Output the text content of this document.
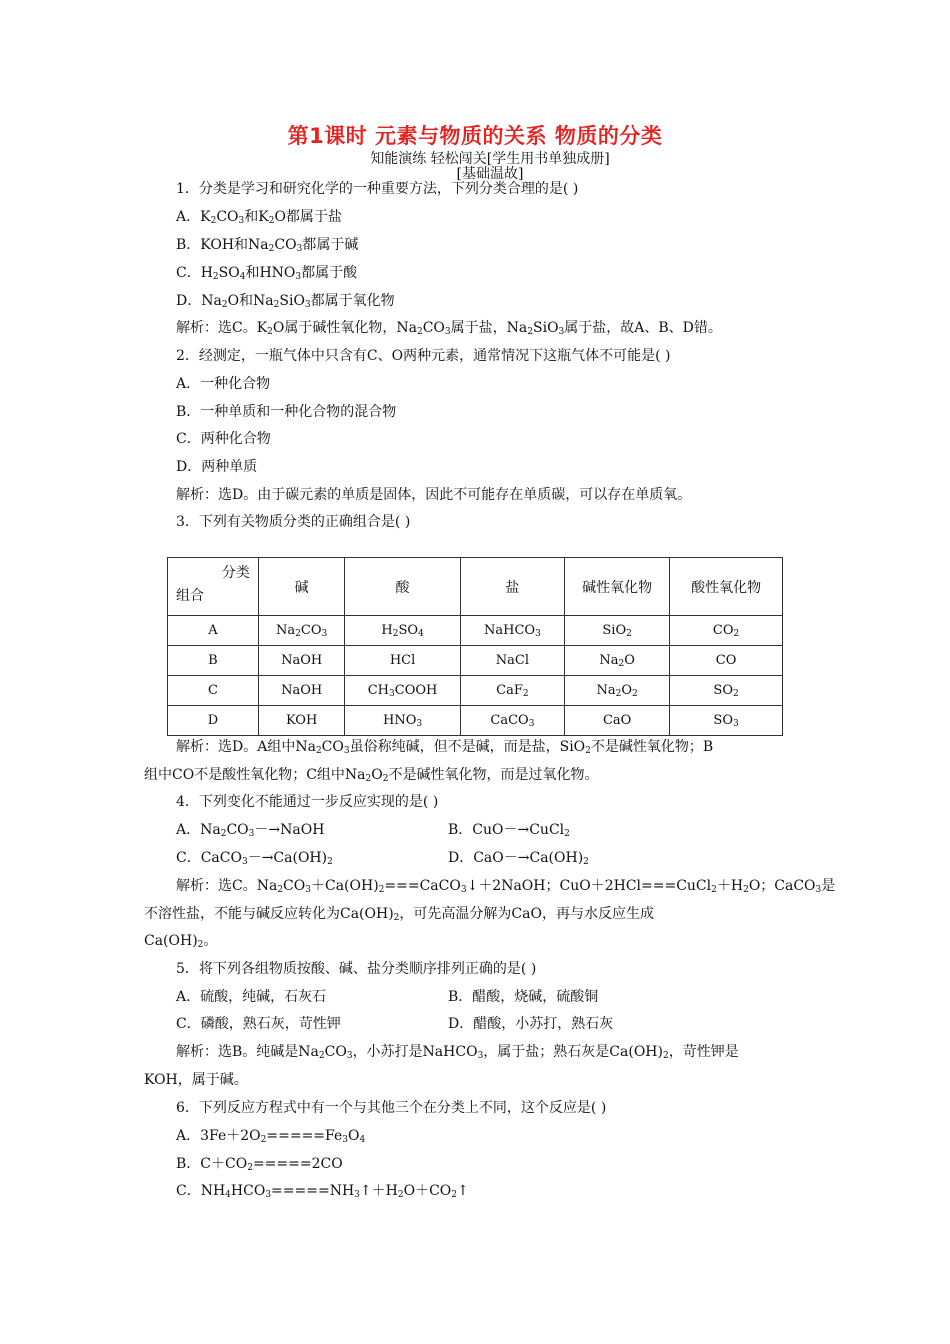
第1课时 元素与物质的关系 物质的分类
知能演练 轻松闯关[学生用书单独成册]
[基础温故]
1．分类是学习和研究化学的一种重要方法，下列分类合理的是( )
A．$K_2CO_3$和$K_2O$都属于盐
B．KOH和$Na_2CO_3$都属于碱
C．$H_2SO_4$和$HNO_3$都属于酸
D．$Na_2O$和$Na_2SiO_3$都属于氧化物
解析：选C。$K_2O$属于碱性氧化物，$Na_2CO_3$属于盐，$Na_2SiO_3$属于盐，故A、B、D错。
2．经测定，一瓶气体中只含有C、O两种元素，通常情况下这瓶气体不可能是( )
A．一种化合物
B．一种单质和一种化合物的混合物
C．两种化合物
D．两种单质
解析：选D。由于碳元素的单质是固体，因此不可能存在单质碳，可以存在单质氧。
3．下列有关物质分类的正确组合是( )
分类
组合	碱	酸	盐	碱性氧化物	酸性氧化物
A	$Na_2CO_3$	$H_2SO_4$	NaHCO$_3$	SiO$_2$	$CO_2$
B	NaOH	HCl	NaCl	$Na_2O$	CO
C	NaOH	$CH_3COOH$	CaF$_2$	$Na_2O_2$	$SO_2$
D	KOH	$HNO_3$	CaCO$_3$	CaO	$SO_3$
解析：选D。A组中$Na_2CO_3$虽俗称纯碱，但不是碱，而是盐，SiO$_2$不是碱性氧化物；B
组中CO不是酸性氧化物；C组中$Na_2O_2$不是碱性氧化物，而是过氧化物。
4．下列变化不能通过一步反应实现的是( )
A．$Na_2CO_3-\to NaOH$	B．CuO－→CuCl$_2$
C．$CaCO_3-\to Ca(OH)_2$	D．$CaO-\to Ca(OH)_2$
解析：选C。$Na_2CO_3+Ca(OH)_2===CaCO_3↓+2NaOH$；$CuO+2HCl===CuCl_2+H_2O$；CaCO$_3$是
不溶性盐，不能与碱反应转化为$Ca(OH)_2$，可先高温分解为CaO，再与水反应生成
$Ca(OH)_2$。
5．将下列各组物质按酸、碱、盐分类顺序排列正确的是( )
A．硫酸，纯碱，石灰石	B．醋酸，烧碱，硫酸铜
C．磷酸，熟石灰，苛性钾	D．醋酸，小苏打，熟石灰
解析：选B。纯碱是$Na_2CO_3$，小苏打是NaHCO$_3$，属于盐；熟石灰是$Ca(OH)_2$，苛性钾是
KOH，属于碱。
6．下列反应方程式中有一个与其他三个在分类上不同，这个反应是( )
A．$3Fe+2O_2=====Fe_3O_4$
B．$C+CO_2=====2CO$
C．$NH_4HCO_3=====NH_3↑+H_2O+CO_2↑$
